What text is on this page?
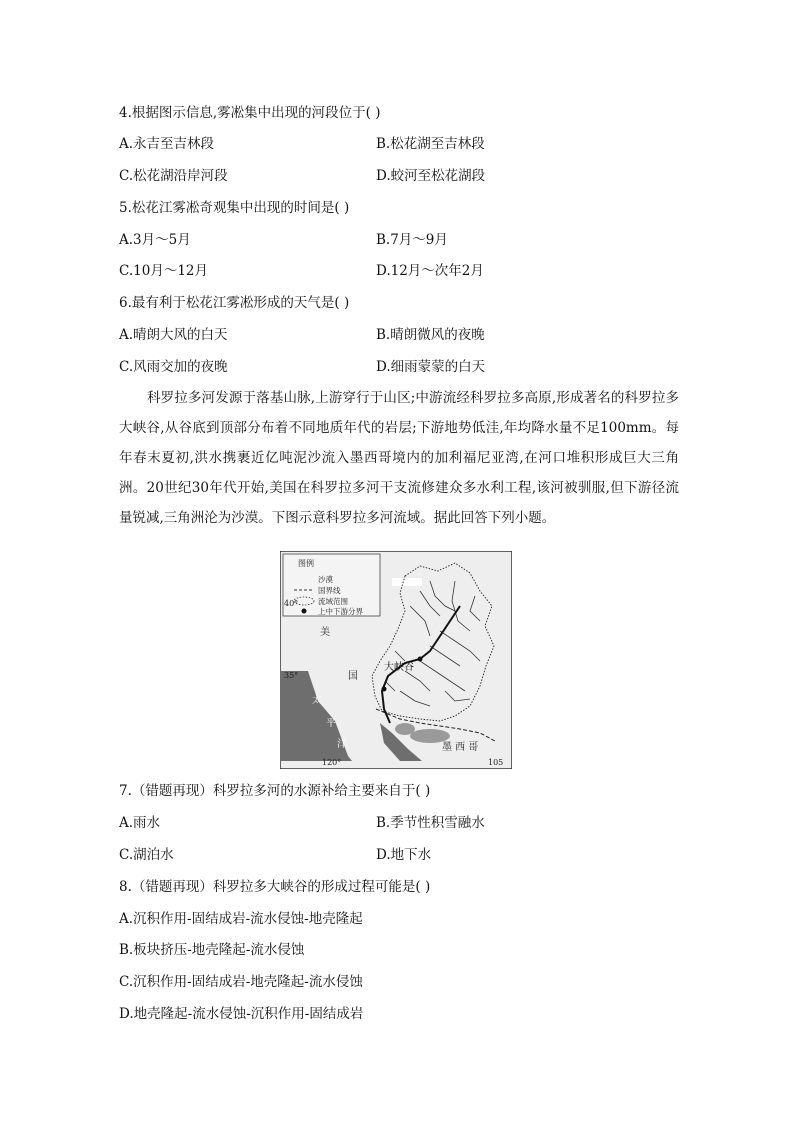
4.根据图示信息,雾凇集中出现的河段位于( )
A.永吉至吉林段	B.松花湖至吉林段
C.松花湖沿岸河段	D.蛟河至松花湖段
5.松花江雾凇奇观集中出现的时间是( )
A.3月～5月	B.7月～9月
C.10月～12月	D.12月～次年2月
6.最有利于松花江雾凇形成的天气是( )
A.晴朗大风的白天	B.晴朗微风的夜晚
C.风雨交加的夜晚	D.细雨蒙蒙的白天
科罗拉多河发源于落基山脉,上游穿行于山区;中游流经科罗拉多高原,形成著名的科罗拉多大峡谷,从谷底到顶部分布着不同地质年代的岩层;下游地势低洼,年均降水量不足100mm。每年春末夏初,洪水携裹近亿吨泥沙流入墨西哥境内的加利福尼亚湾,在河口堆积形成巨大三角洲。20世纪30年代开始,美国在科罗拉多河干支流修建众多水利工程,该河被驯服,但下游径流量锐减,三角洲沦为沙漠。下图示意科罗拉多河流域。据此回答下列小题。
图例
沙漠
国界线
流域范围
上中下游分界
40°
35°
120°	105
美
国
太
平
洋
大峡谷
墨 西 哥
7.（错题再现）科罗拉多河的水源补给主要来自于( )
A.雨水	B.季节性积雪融水
C.湖泊水	D.地下水
8.（错题再现）科罗拉多大峡谷的形成过程可能是( )
A.沉积作用-固结成岩-流水侵蚀-地壳隆起
B.板块挤压-地壳隆起-流水侵蚀
C.沉积作用-固结成岩-地壳隆起-流水侵蚀
D.地壳隆起-流水侵蚀-沉积作用-固结成岩
